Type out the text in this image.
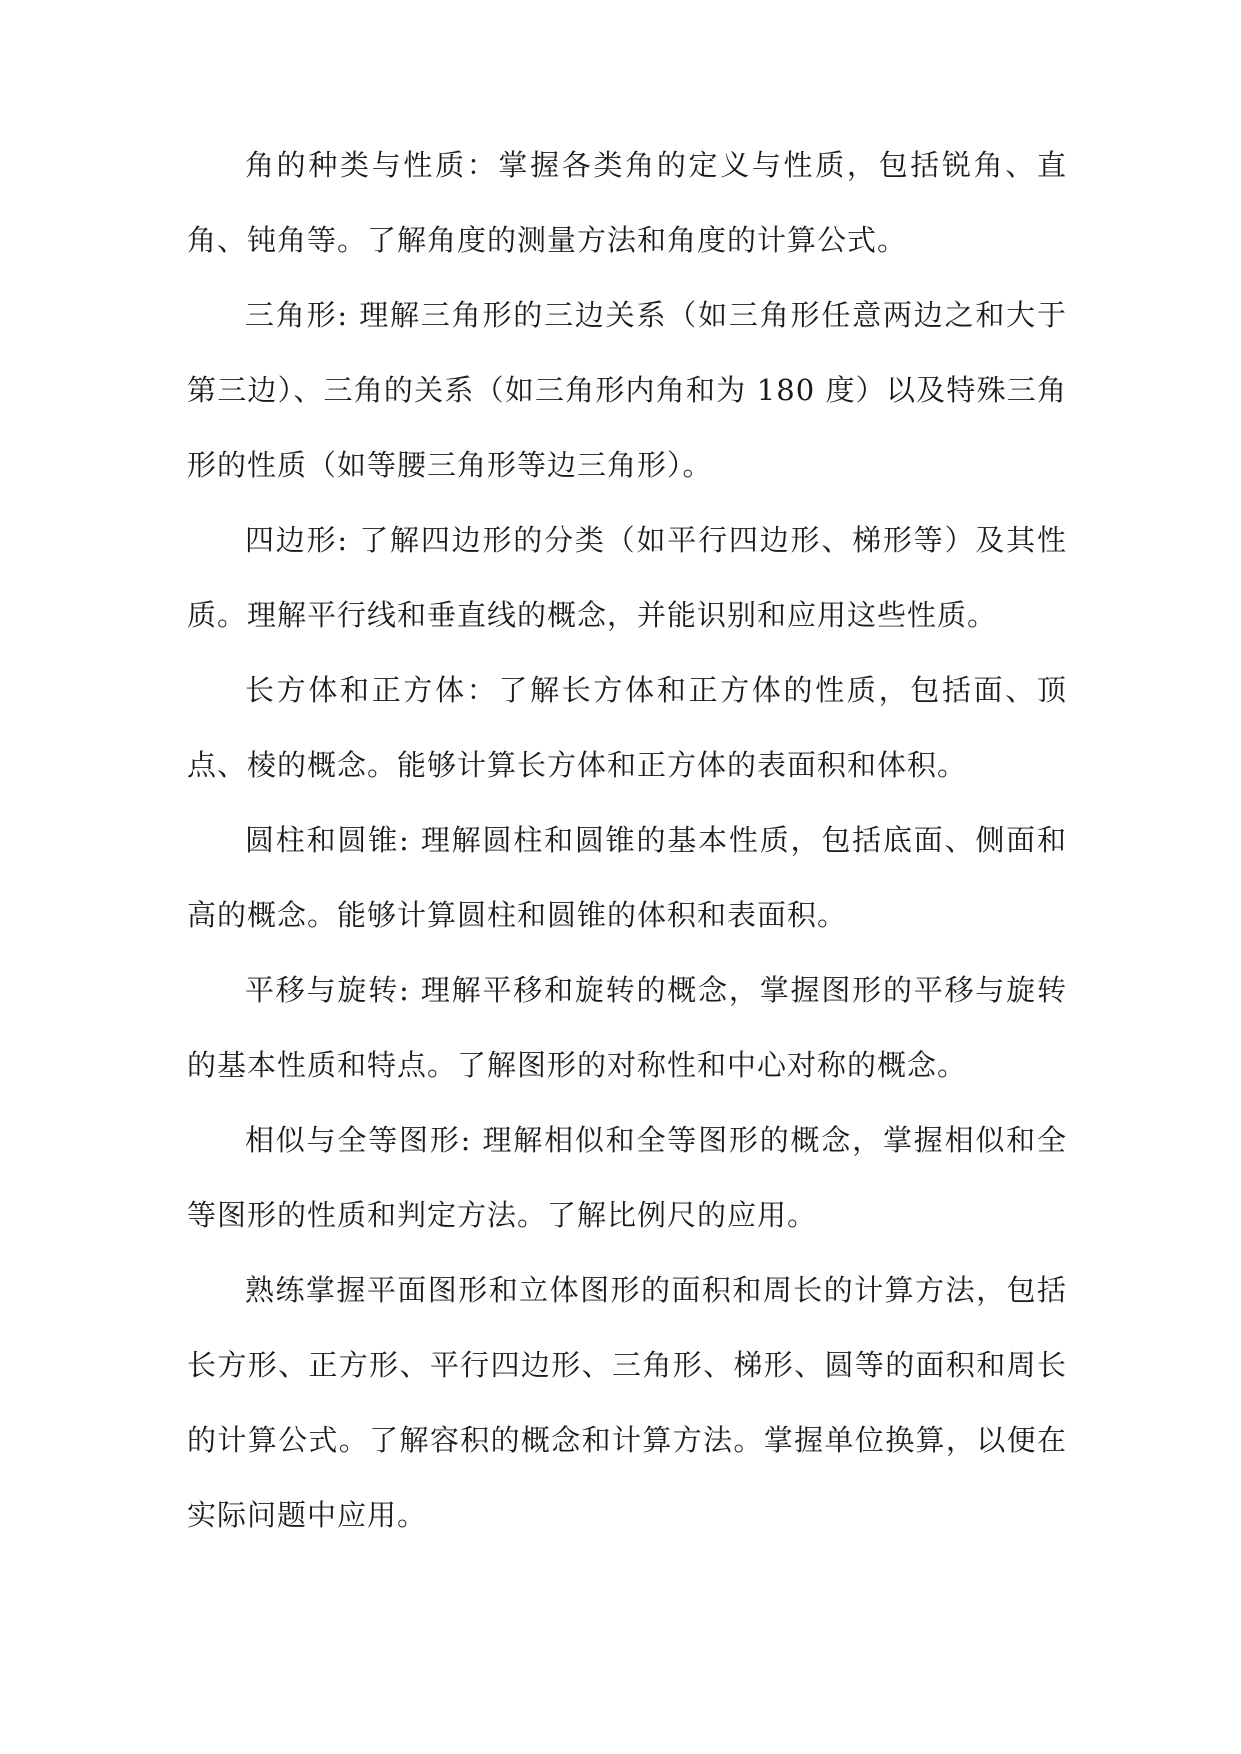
角的种类与性质：掌握各类角的定义与性质，包括锐角、直角、钝角等。了解角度的测量方法和角度的计算公式。

三角形: 理解三角形的三边关系（如三角形任意两边之和大于第三边）、三角的关系（如三角形内角和为 180 度）以及特殊三角形的性质（如等腰三角形等边三角形）。

四边形: 了解四边形的分类（如平行四边形、梯形等）及其性质。理解平行线和垂直线的概念，并能识别和应用这些性质。

长方体和正方体：了解长方体和正方体的性质，包括面、顶点、棱的概念。能够计算长方体和正方体的表面积和体积。

圆柱和圆锥: 理解圆柱和圆锥的基本性质，包括底面、侧面和高的概念。能够计算圆柱和圆锥的体积和表面积。

平移与旋转: 理解平移和旋转的概念，掌握图形的平移与旋转的基本性质和特点。了解图形的对称性和中心对称的概念。

相似与全等图形: 理解相似和全等图形的概念，掌握相似和全等图形的性质和判定方法。了解比例尺的应用。

熟练掌握平面图形和立体图形的面积和周长的计算方法，包括长方形、正方形、平行四边形、三角形、梯形、圆等的面积和周长的计算公式。了解容积的概念和计算方法。掌握单位换算，以便在实际问题中应用。
